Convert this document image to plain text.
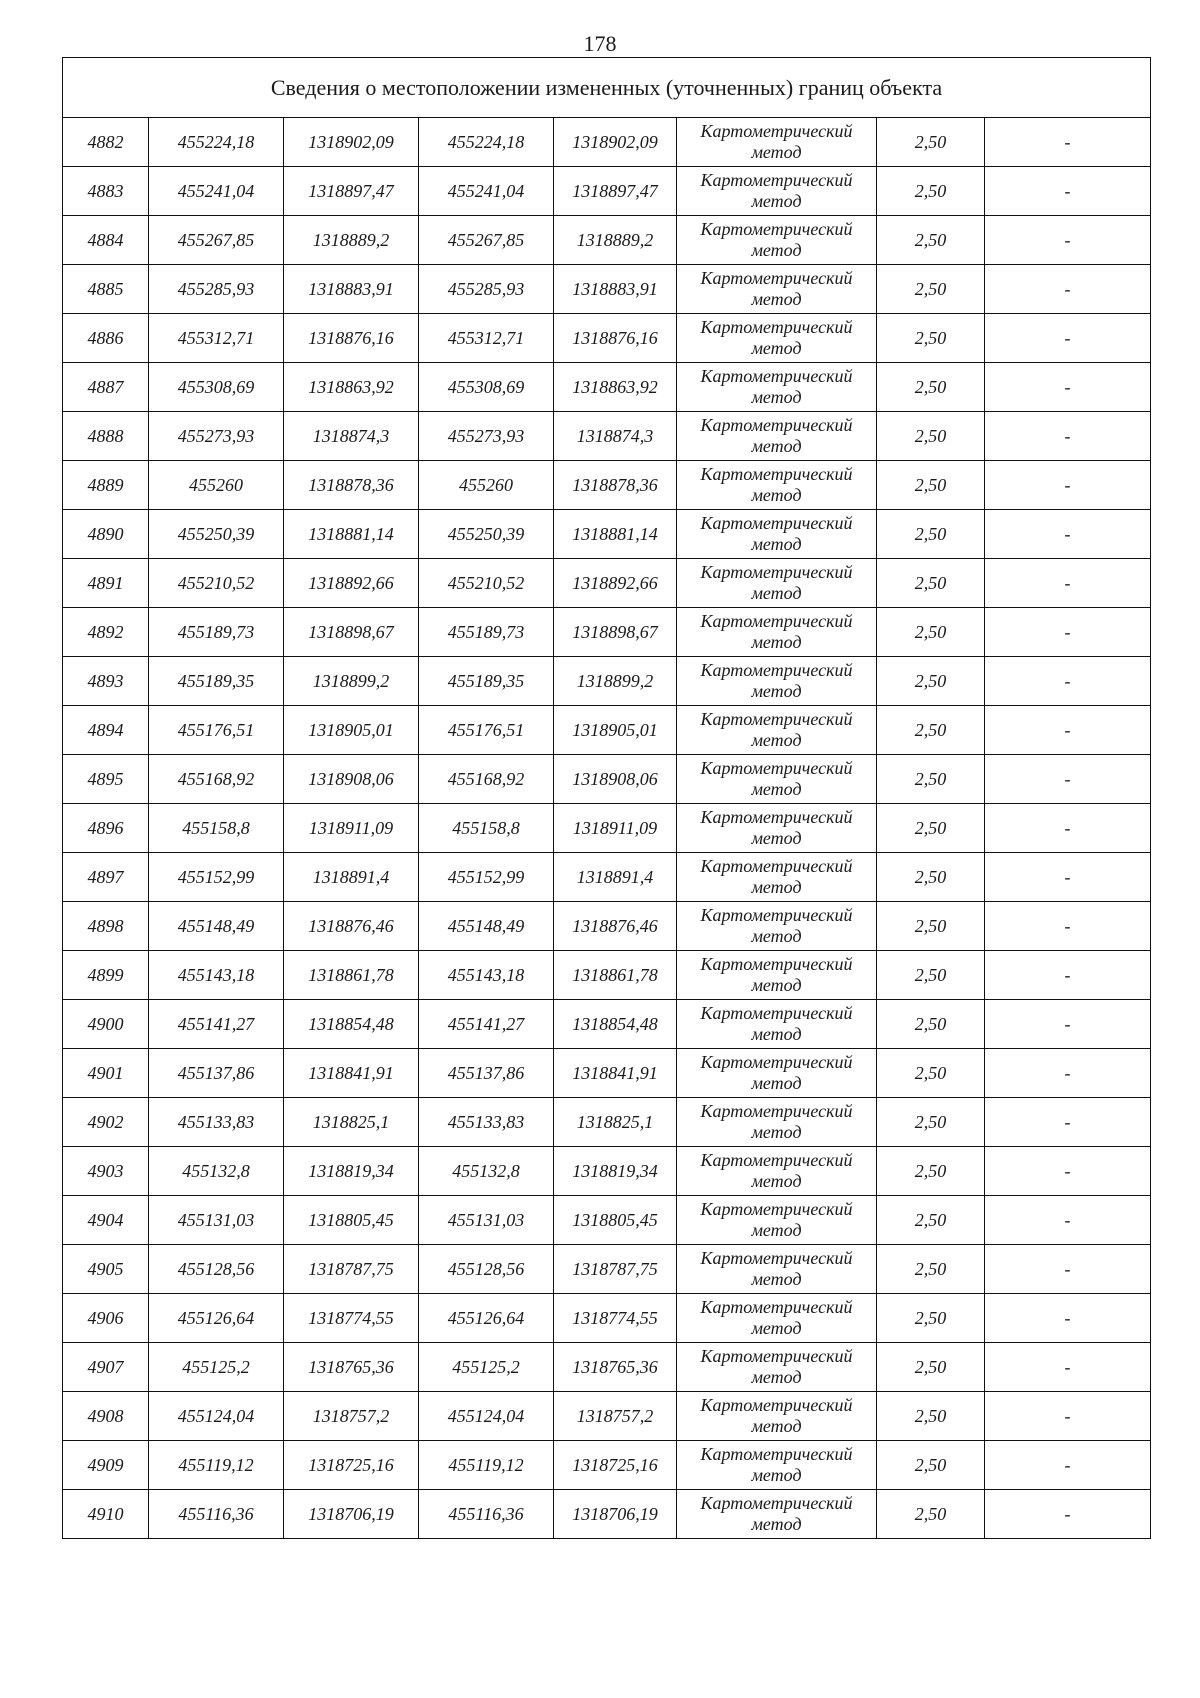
178
Сведения о местоположении измененных (уточненных) границ объекта							
4882	455224,18	1318902,09	455224,18	1318902,09	Картометрический метод	2,50	-
4883	455241,04	1318897,47	455241,04	1318897,47	Картометрический метод	2,50	-
4884	455267,85	1318889,2	455267,85	1318889,2	Картометрический метод	2,50	-
4885	455285,93	1318883,91	455285,93	1318883,91	Картометрический метод	2,50	-
4886	455312,71	1318876,16	455312,71	1318876,16	Картометрический метод	2,50	-
4887	455308,69	1318863,92	455308,69	1318863,92	Картометрический метод	2,50	-
4888	455273,93	1318874,3	455273,93	1318874,3	Картометрический метод	2,50	-
4889	455260	1318878,36	455260	1318878,36	Картометрический метод	2,50	-
4890	455250,39	1318881,14	455250,39	1318881,14	Картометрический метод	2,50	-
4891	455210,52	1318892,66	455210,52	1318892,66	Картометрический метод	2,50	-
4892	455189,73	1318898,67	455189,73	1318898,67	Картометрический метод	2,50	-
4893	455189,35	1318899,2	455189,35	1318899,2	Картометрический метод	2,50	-
4894	455176,51	1318905,01	455176,51	1318905,01	Картометрический метод	2,50	-
4895	455168,92	1318908,06	455168,92	1318908,06	Картометрический метод	2,50	-
4896	455158,8	1318911,09	455158,8	1318911,09	Картометрический метод	2,50	-
4897	455152,99	1318891,4	455152,99	1318891,4	Картометрический метод	2,50	-
4898	455148,49	1318876,46	455148,49	1318876,46	Картометрический метод	2,50	-
4899	455143,18	1318861,78	455143,18	1318861,78	Картометрический метод	2,50	-
4900	455141,27	1318854,48	455141,27	1318854,48	Картометрический метод	2,50	-
4901	455137,86	1318841,91	455137,86	1318841,91	Картометрический метод	2,50	-
4902	455133,83	1318825,1	455133,83	1318825,1	Картометрический метод	2,50	-
4903	455132,8	1318819,34	455132,8	1318819,34	Картометрический метод	2,50	-
4904	455131,03	1318805,45	455131,03	1318805,45	Картометрический метод	2,50	-
4905	455128,56	1318787,75	455128,56	1318787,75	Картометрический метод	2,50	-
4906	455126,64	1318774,55	455126,64	1318774,55	Картометрический метод	2,50	-
4907	455125,2	1318765,36	455125,2	1318765,36	Картометрический метод	2,50	-
4908	455124,04	1318757,2	455124,04	1318757,2	Картометрический метод	2,50	-
4909	455119,12	1318725,16	455119,12	1318725,16	Картометрический метод	2,50	-
4910	455116,36	1318706,19	455116,36	1318706,19	Картометрический метод	2,50	-
